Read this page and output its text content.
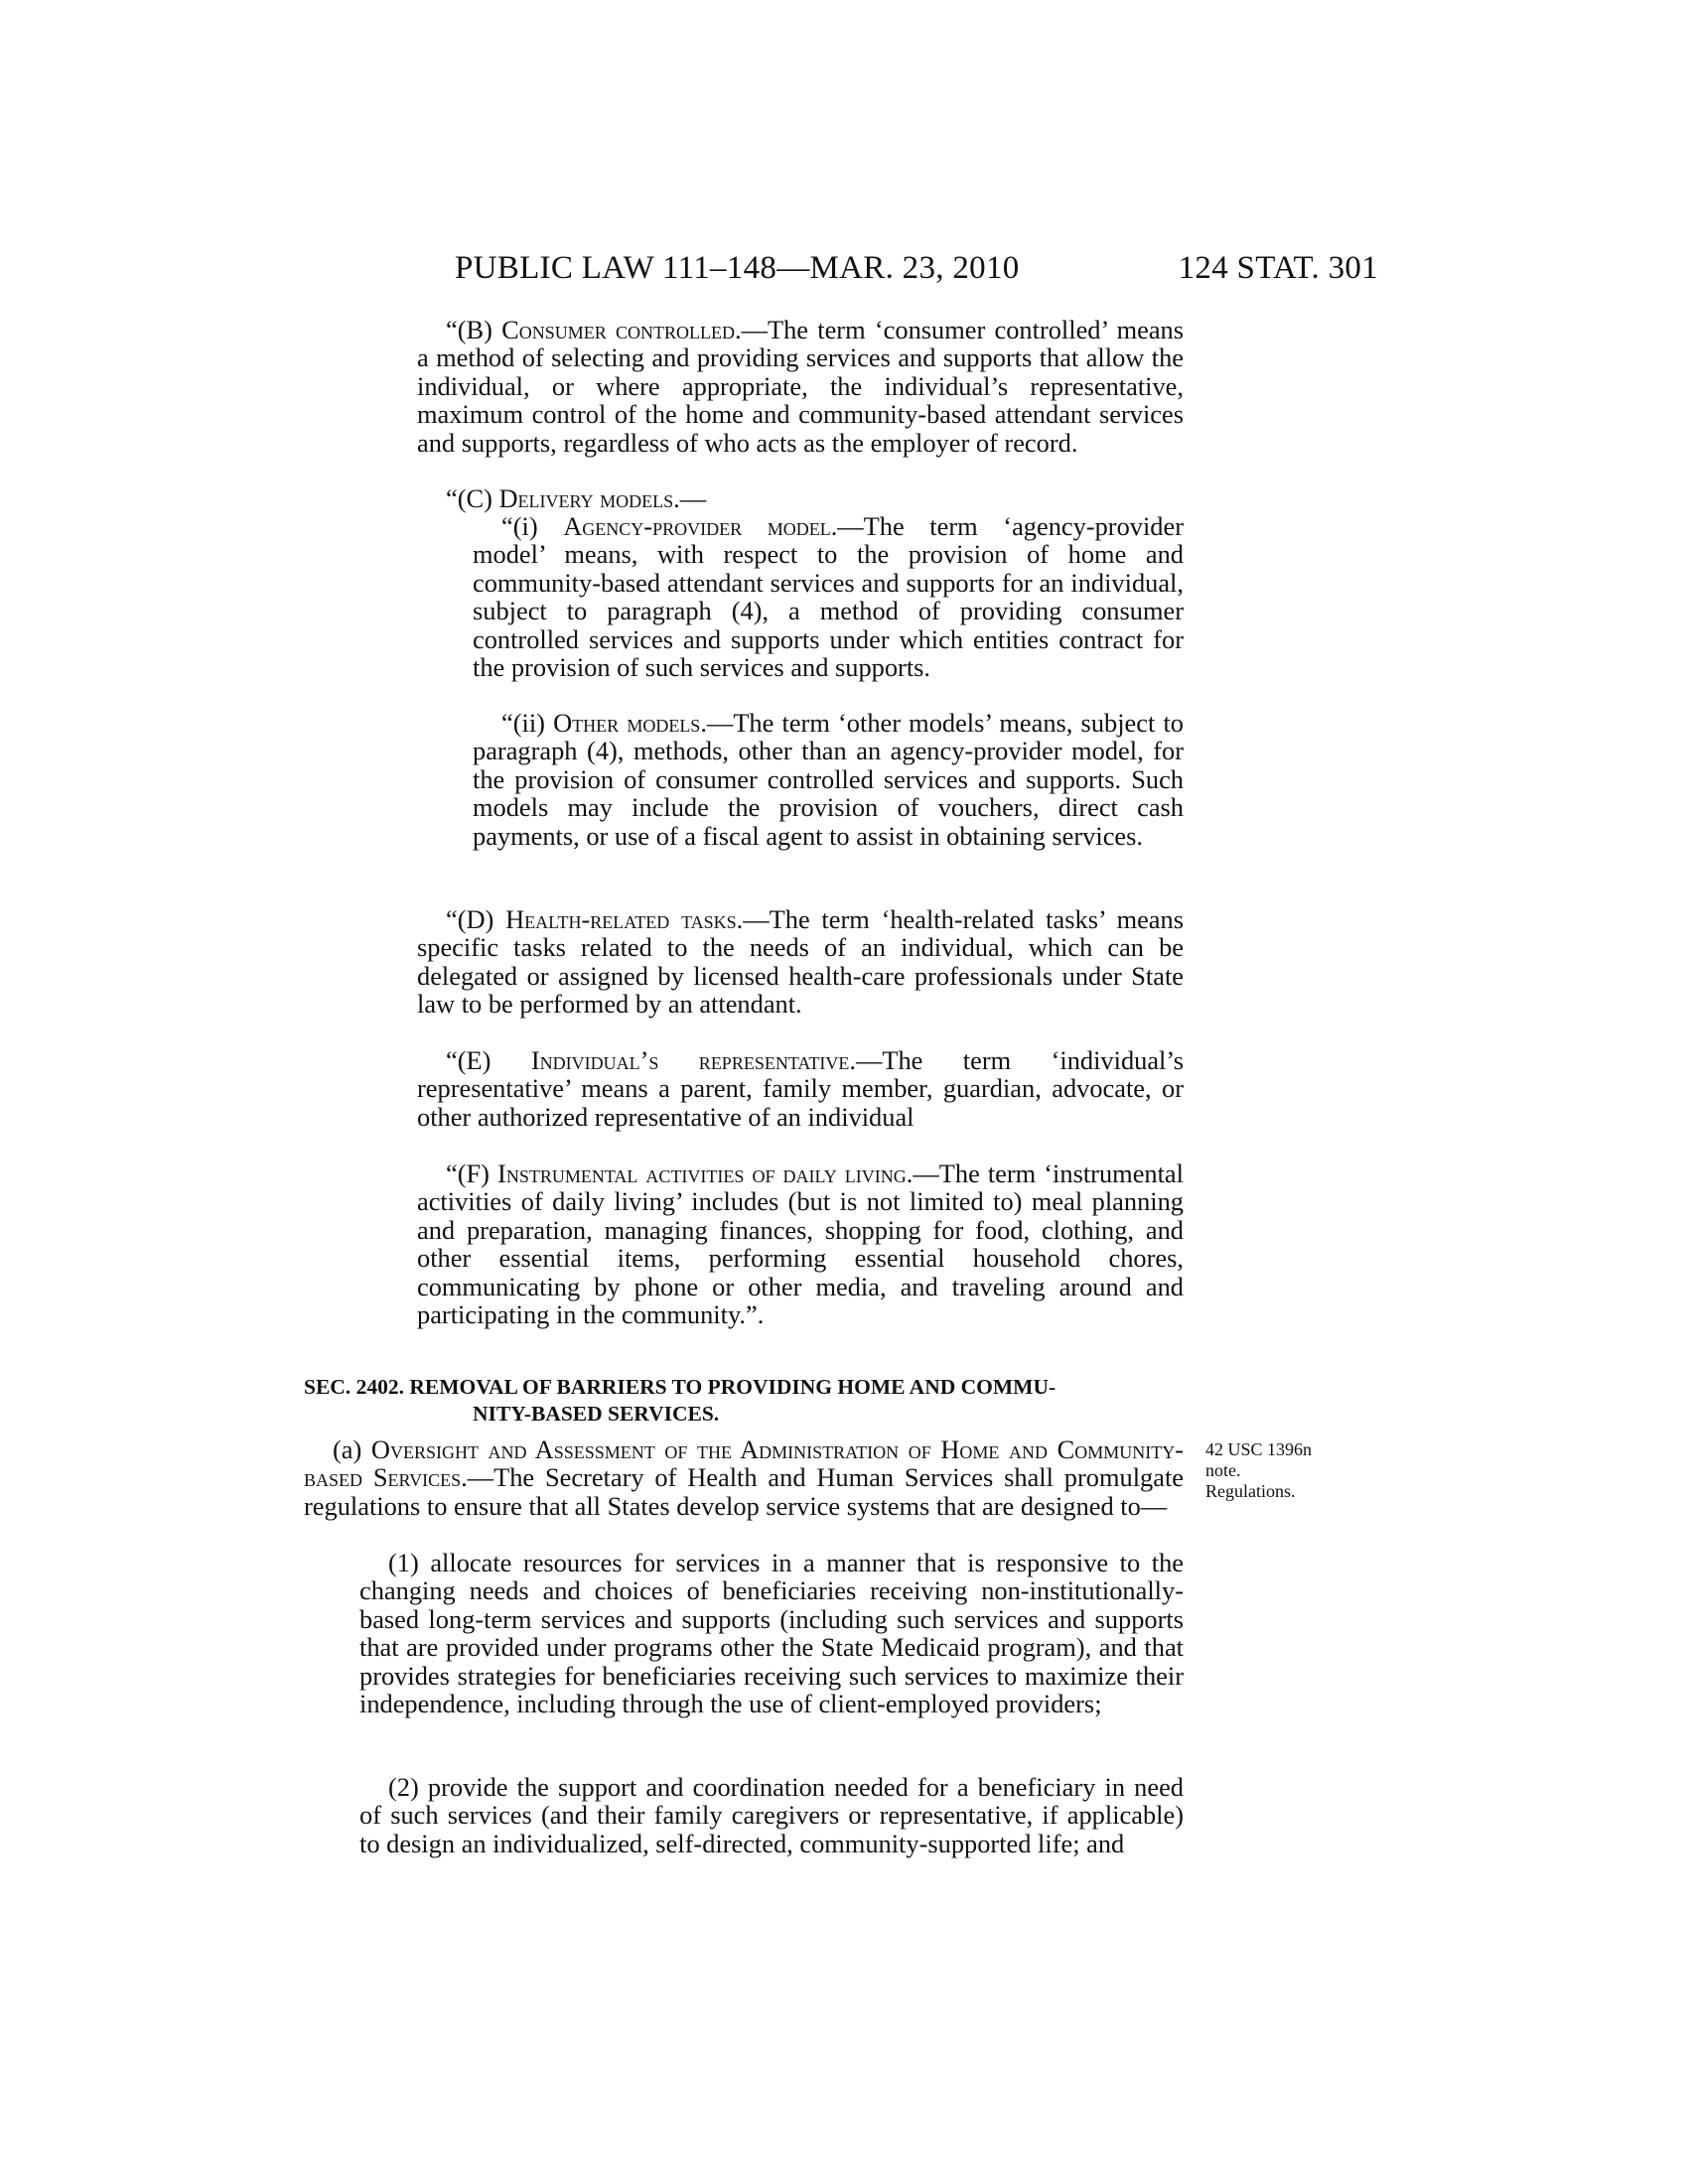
PUBLIC LAW 111–148—MAR. 23, 2010	124 STAT. 301

“(B) Consumer controlled.—The term ‘consumer controlled’ means a method of selecting and providing services and supports that allow the individual, or where appropriate, the individual’s representative, maximum control of the home and community-based attendant services and supports, regardless of who acts as the employer of record.

“(C) Delivery models.—

“(i) Agency-provider model.—The term ‘agency-provider model’ means, with respect to the provision of home and community-based attendant services and supports for an individual, subject to paragraph (4), a method of providing consumer controlled services and supports under which entities contract for the provision of such services and supports.

“(ii) Other models.—The term ‘other models’ means, subject to paragraph (4), methods, other than an agency-provider model, for the provision of consumer controlled services and supports. Such models may include the provision of vouchers, direct cash payments, or use of a fiscal agent to assist in obtaining services.

“(D) Health-related tasks.—The term ‘health-related tasks’ means specific tasks related to the needs of an individual, which can be delegated or assigned by licensed health-care professionals under State law to be performed by an attendant.

“(E) Individual’s representative.—The term ‘individual’s representative’ means a parent, family member, guardian, advocate, or other authorized representative of an individual

“(F) Instrumental activities of daily living.—The term ‘instrumental activities of daily living’ includes (but is not limited to) meal planning and preparation, managing finances, shopping for food, clothing, and other essential items, performing essential household chores, communicating by phone or other media, and traveling around and participating in the community.”.

SEC. 2402. REMOVAL OF BARRIERS TO PROVIDING HOME AND COMMU-
NITY-BASED SERVICES.

(a) Oversight and Assessment of the Administration of Home and Community-based Services.—The Secretary of Health and Human Services shall promulgate regulations to ensure that all States develop service systems that are designed to—

(1) allocate resources for services in a manner that is responsive to the changing needs and choices of beneficiaries receiving non-institutionally-based long-term services and supports (including such services and supports that are provided under programs other the State Medicaid program), and that provides strategies for beneficiaries receiving such services to maximize their independence, including through the use of client-employed providers;

(2) provide the support and coordination needed for a beneficiary in need of such services (and their family caregivers or representative, if applicable) to design an individualized, self-directed, community-supported life; and

42 USC 1396n
note.
Regulations.
